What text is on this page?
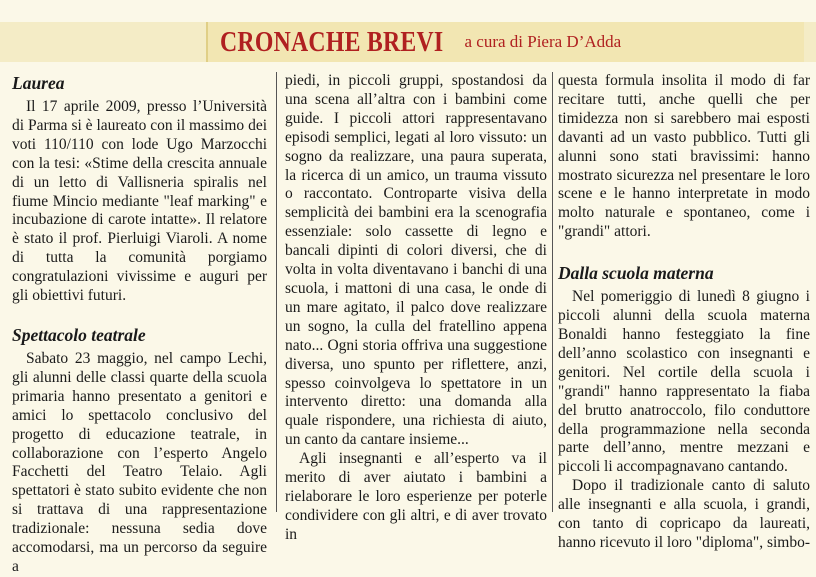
CRONACHE BREVI a cura di Piera D’Adda
Laurea

Il 17 aprile 2009, presso l’Università di Parma si è laureato con il massimo dei voti 110/110 con lode Ugo Marzocchi con la tesi: «Stime della crescita annuale di un letto di Vallisneria spiralis nel fiume Mincio mediante "leaf marking" e incubazione di carote intatte». Il relatore è stato il prof. Pierluigi Viaroli. A nome di tutta la comunità porgiamo congratulazioni vivissime e auguri per gli obiettivi futuri.

Spettacolo teatrale

Sabato 23 maggio, nel campo Lechi, gli alunni delle classi quarte della scuola primaria hanno presentato a genitori e amici lo spettacolo conclusivo del progetto di educazione teatrale, in collaborazione con l’esperto Angelo Facchetti del Teatro Telaio. Agli spettatori è stato subito evidente che non si trattava di una rappresentazione tradizionale: nessuna sedia dove accomodarsi, ma un percorso da seguire a

piedi, in piccoli gruppi, spostandosi da una scena all’altra con i bambini come guide. I piccoli attori rappresentavano episodi semplici, legati al loro vissuto: un sogno da realizzare, una paura superata, la ricerca di un amico, un trauma vissuto o raccontato. Controparte visiva della semplicità dei bambini era la scenografia essenziale: solo cassette di legno e bancali dipinti di colori diversi, che di volta in volta diventavano i banchi di una scuola, i mattoni di una casa, le onde di un mare agitato, il palco dove realizzare un sogno, la culla del fratellino appena nato... Ogni storia offriva una suggestione diversa, uno spunto per riflettere, anzi, spesso coinvolgeva lo spettatore in un intervento diretto: una domanda alla quale rispondere, una richiesta di aiuto, un canto da cantare insieme...

Agli insegnanti e all’esperto va il merito di aver aiutato i bambini a rielaborare le loro esperienze per poterle condividere con gli altri, e di aver trovato in

questa formula insolita il modo di far recitare tutti, anche quelli che per timidezza non si sarebbero mai esposti davanti ad un vasto pubblico. Tutti gli alunni sono stati bravissimi: hanno mostrato sicurezza nel presentare le loro scene e le hanno interpretate in modo molto naturale e spontaneo, come i "grandi" attori.

Dalla scuola materna

Nel pomeriggio di lunedì 8 giugno i piccoli alunni della scuola materna Bonaldi hanno festeggiato la fine dell’anno scolastico con insegnanti e genitori. Nel cortile della scuola i "grandi" hanno rappresentato la fiaba del brutto anatroccolo, filo conduttore della programmazione nella seconda parte dell’anno, mentre mezzani e piccoli li accompagnavano cantando.

Dopo il tradizionale canto di saluto alle insegnanti e alla scuola, i grandi, con tanto di copricapo da laureati, hanno ricevuto il loro "diploma", simbo-
